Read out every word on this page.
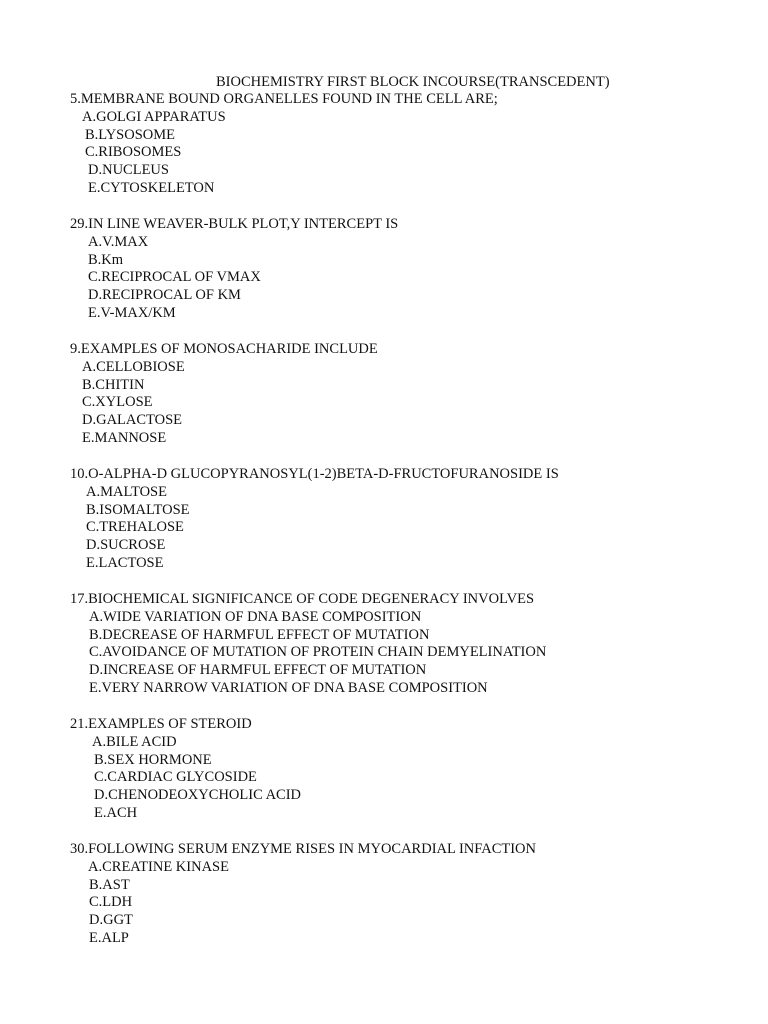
BIOCHEMISTRY FIRST BLOCK INCOURSE(TRANSCEDENT)
5.MEMBRANE BOUND ORGANELLES FOUND IN THE CELL ARE;
A.GOLGI APPARATUS
B.LYSOSOME
C.RIBOSOMES
D.NUCLEUS
E.CYTOSKELETON
29.IN LINE WEAVER-BULK PLOT,Y INTERCEPT IS
A.V.MAX
B.Km
C.RECIPROCAL OF VMAX
D.RECIPROCAL OF KM
E.V-MAX/KM
9.EXAMPLES OF MONOSACHARIDE INCLUDE
A.CELLOBIOSE
B.CHITIN
C.XYLOSE
D.GALACTOSE
E.MANNOSE
10.O-ALPHA-D GLUCOPYRANOSYL(1-2)BETA-D-FRUCTOFURANOSIDE IS
A.MALTOSE
B.ISOMALTOSE
C.TREHALOSE
D.SUCROSE
E.LACTOSE
17.BIOCHEMICAL SIGNIFICANCE OF CODE DEGENERACY INVOLVES
A.WIDE VARIATION OF DNA BASE COMPOSITION
B.DECREASE OF HARMFUL EFFECT OF MUTATION
C.AVOIDANCE OF MUTATION OF PROTEIN CHAIN DEMYELINATION
D.INCREASE OF HARMFUL EFFECT OF MUTATION
E.VERY NARROW VARIATION OF DNA BASE COMPOSITION
21.EXAMPLES OF STEROID
A.BILE ACID
B.SEX HORMONE
C.CARDIAC GLYCOSIDE
D.CHENODEOXYCHOLIC ACID
E.ACH
30.FOLLOWING SERUM ENZYME RISES IN MYOCARDIAL INFACTION
A.CREATINE KINASE
B.AST
C.LDH
D.GGT
E.ALP
